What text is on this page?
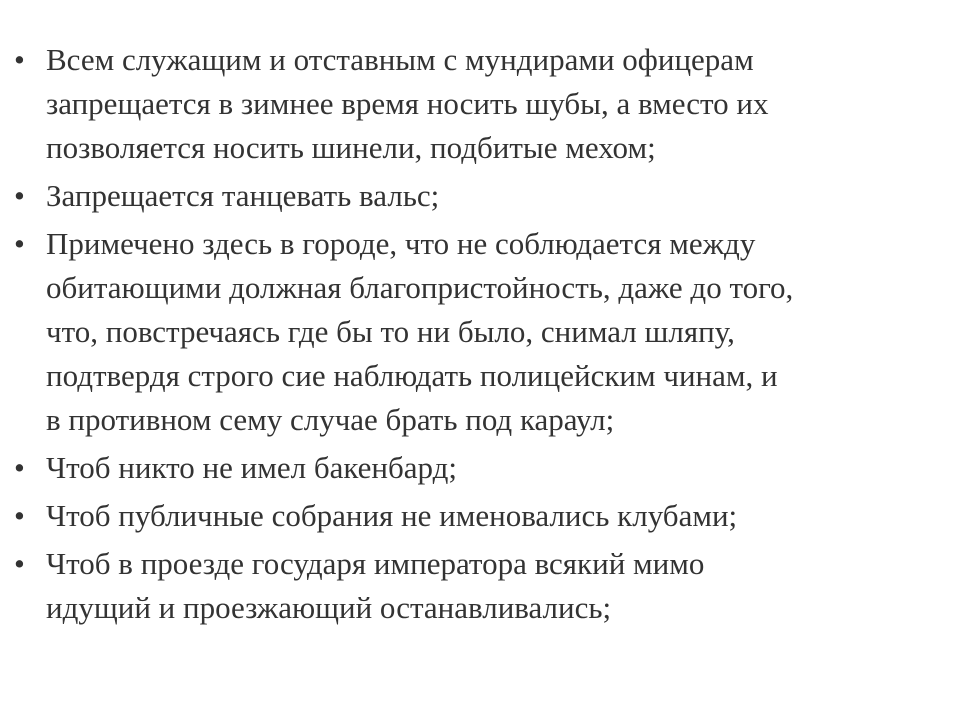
• Всем служащим и отставным с мундирами офицерам
запрещается в зимнее время носить шубы, а вместо их
позволяется носить шинели, подбитые мехом;
• Запрещается танцевать вальс;
• Примечено здесь в городе, что не соблюдается между
обитающими должная благопристойность, даже до того,
что, повстречаясь где бы то ни было, снимал шляпу,
подтвердя строго сие наблюдать полицейским чинам, и
в противном сему случае брать под караул;
• Чтоб никто не имел бакенбард;
• Чтоб публичные собрания не именовались клубами;
• Чтоб в проезде государя императора всякий мимо
идущий и проезжающий останавливались;
